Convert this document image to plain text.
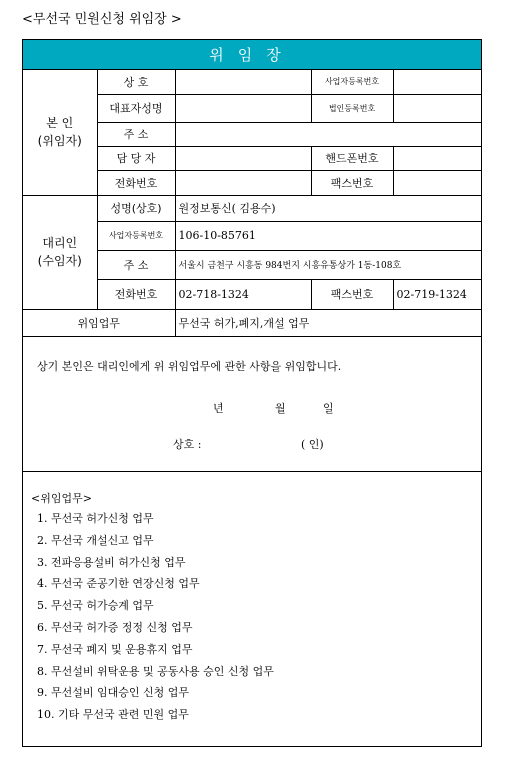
<무선국 민원신청 위임장 >
위임장				
본 인
(위임자)	상 호		사업자등록번호	
	대표자성명		법인등록번호	
	주 소			
	담 당 자		핸드폰번호	
	전화번호		팩스번호	
대리인
(수임자)	성명(상호)	원정보통신( 김용수)		
	사업자등록번호	106-10-85761		
	주 소	서울시 금천구 시흥동 984번지 시흥유통상가 1동-108호		
	전화번호	02-718-1324	팩스번호	02-719-1324
위임업무		무선국 허가,폐지,개설 업무		
상기 본인은 대리인에게 위 위임업무에 관한 사항을 위임합니다.
년	월	일
상호 :	( 인)
<위임업무>
1. 무선국 허가신청 업무
2. 무선국 개설신고 업무
3. 전파응용설비 허가신청 업무
4. 무선국 준공기한 연장신청 업무
5. 무선국 허가승계 업무
6. 무선국 허가증 정정 신청 업무
7. 무선국 폐지 및 운용휴지 업무
8. 무선설비 위탁운용 및 공동사용 승인 신청 업무
9. 무선설비 임대승인 신청 업무
10. 기타 무선국 관련 민원 업무
